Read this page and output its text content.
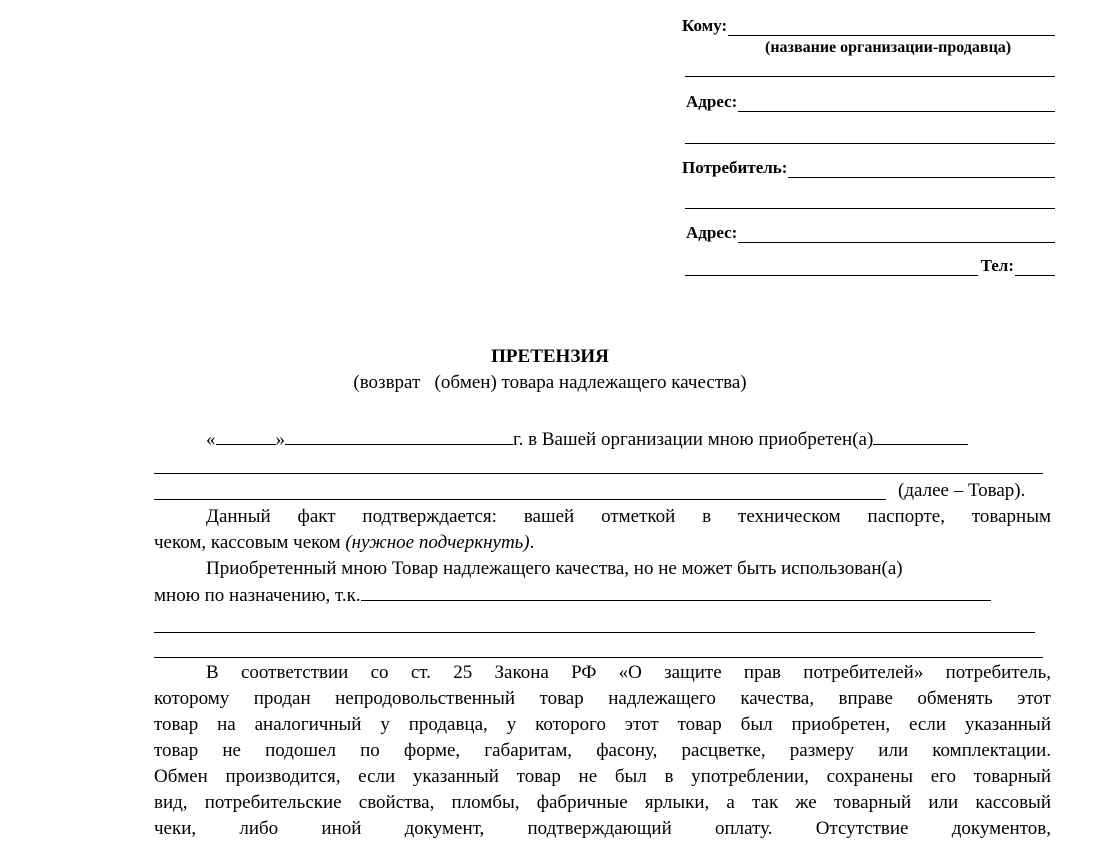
Кому:
(название организации-продавца)
Адрес:
Потребитель:
Адрес:
Тел:
ПРЕТЕНЗИЯ
(возврат   (обмен) товара надлежащего качества)
«	»	г. в Вашей организации мною приобретен(а)
(далее – Товар).
Данный факт подтверждается: вашей отметкой в техническом паспорте, товарным
чеком, кассовым чеком (нужное подчеркнуть).
Приобретенный мною Товар надлежащего качества, но не может быть использован(а)
мною по назначению, т.к.
В соответствии со ст. 25 Закона РФ «О защите прав потребителей» потребитель,
которому продан непродовольственный товар надлежащего качества, вправе обменять этот
товар на аналогичный у продавца, у которого этот товар был приобретен, если указанный
товар не подошел по форме, габаритам, фасону, расцветке, размеру или комплектации.
Обмен производится, если указанный товар не был в употреблении, сохранены его товарный
вид, потребительские свойства, пломбы, фабричные ярлыки, а так же товарный или кассовый
чеки, либо иной документ, подтверждающий оплату. Отсутствие документов,
